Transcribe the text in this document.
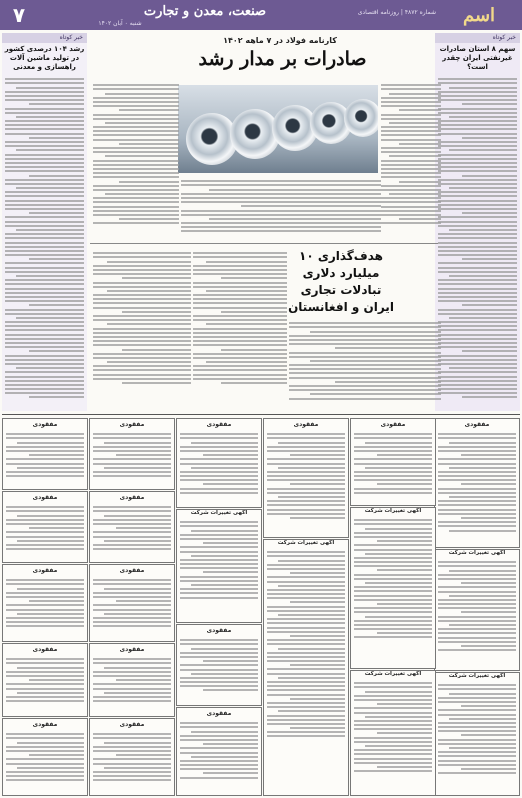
اسم
شماره ۴۸۷۲ | روزنامه اقتصادی
صنعت، معدن و تجارت
شنبه ۰ آبان ۱۴۰۲
۷
خبر کوتاه
سهم ۸ استان صادرات غیرنفتی ایران چقدر است؟
خبر کوتاه
رشد ۱۰۴ درصدی کشور در تولید ماشین آلات راهسازی و معدنی
کارنامه فولاد در ۷ ماهه ۱۴۰۲
صادرات بر مدار رشد
هدف‌گذاری ۱۰ میلیارد دلاری تبادلات تجاری ایران و افغانستان
مفقودی
آگهی تغییرات شرکت
آگهی تغییرات شرکت
مفقودی
آگهی تغییرات شرکت
آگهی تغییرات شرکت
مفقودی
آگهی تغییرات شرکت
مفقودی
آگهی تغییرات شرکت
مفقودی
مفقودی
مفقودی
مفقودی
مفقودی
مفقودی
مفقودی
مفقودی
مفقودی
مفقودی
مفقودی
مفقودی
